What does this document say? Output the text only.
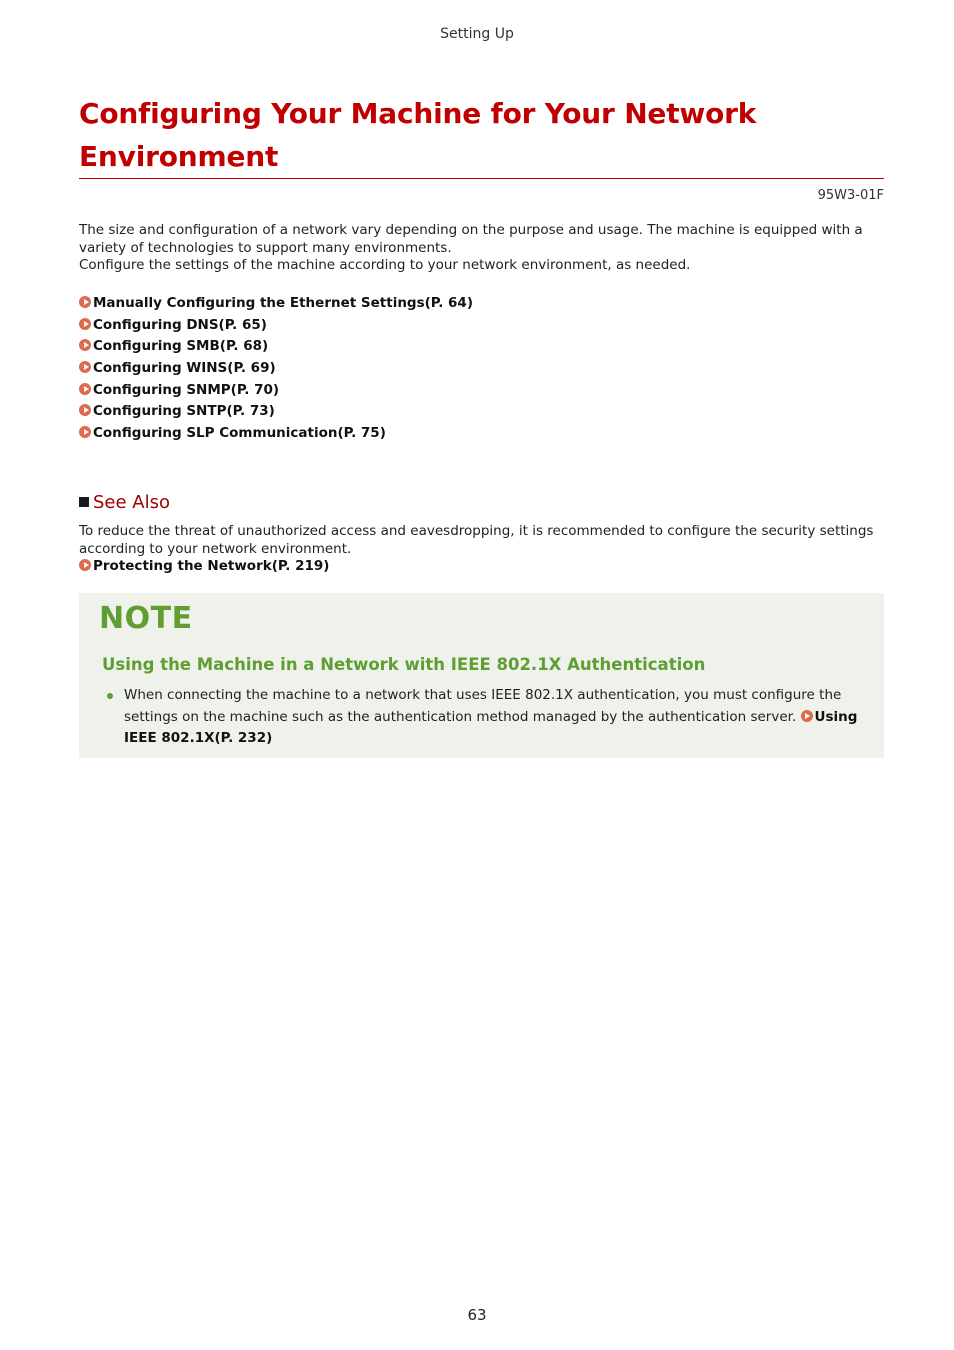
Setting Up
Configuring Your Machine for Your Network Environment
95W3-01F

The size and configuration of a network vary depending on the purpose and usage. The machine is equipped with a variety of technologies to support many environments.

Configure the settings of the machine according to your network environment, as needed.

Manually Configuring the Ethernet Settings(P. 64)
Configuring DNS(P. 65)
Configuring SMB(P. 68)
Configuring WINS(P. 69)
Configuring SNMP(P. 70)
Configuring SNTP(P. 73)
Configuring SLP Communication(P. 75)
See Also

To reduce the threat of unauthorized access and eavesdropping, it is recommended to configure the security settings according to your network environment.

Protecting the Network(P. 219)

NOTE
Using the Machine in a Network with IEEE 802.1X Authentication
When connecting the machine to a network that uses IEEE 802.1X authentication, you must configure the settings on the machine such as the authentication method managed by the authentication server. Using IEEE 802.1X(P. 232)
63
